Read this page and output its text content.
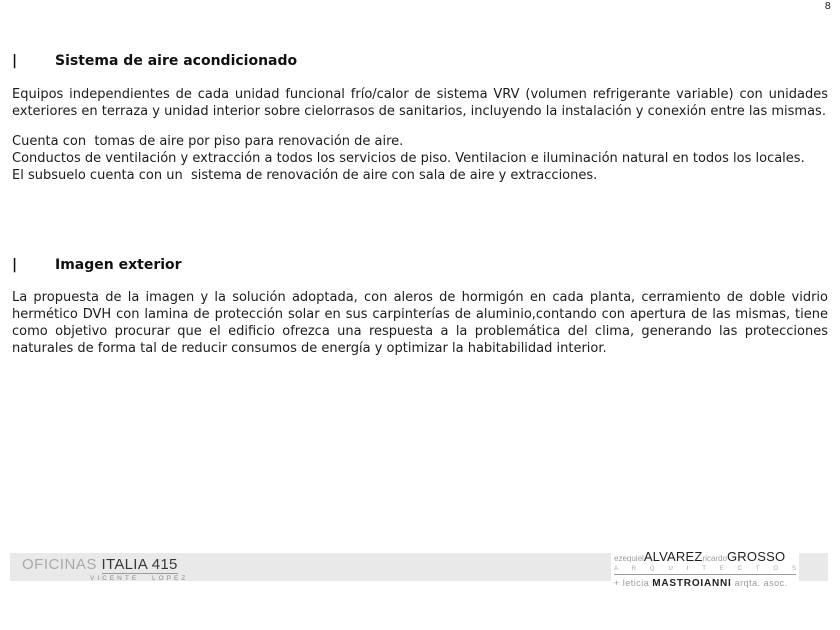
8
|	Sistema de aire acondicionado
Equipos independientes de cada unidad funcional frío/calor de sistema VRV (volumen refrigerante variable) con unidades
exteriores en terraza y unidad interior sobre cielorrasos de sanitarios, incluyendo la instalación y conexión entre las mismas.
Cuenta con  tomas de aire por piso para renovación de aire.
Conductos de ventilación y extracción a todos los servicios de piso. Ventilacion e iluminación natural en todos los locales.
El subsuelo cuenta con un  sistema de renovación de aire con sala de aire y extracciones.
|	Imagen exterior
La propuesta de la imagen y la solución adoptada, con aleros de hormigón en cada planta, cerramiento de doble vidrio
hermético DVH con lamina de protección solar en sus carpinterías de aluminio,contando con apertura de las mismas, tiene
como objetivo procurar que el edificio ofrezca una respuesta a la problemática del clima, generando las protecciones
naturales de forma tal de reducir consumos de energía y optimizar la habitabilidad interior.
OFICINAS ITALIA 415
VICENTE LOPEZ
ezequielALVAREZricardoGROSSO
A R Q U I T E C T O S
+ leticia MASTROIANNI arqta. asoc.
